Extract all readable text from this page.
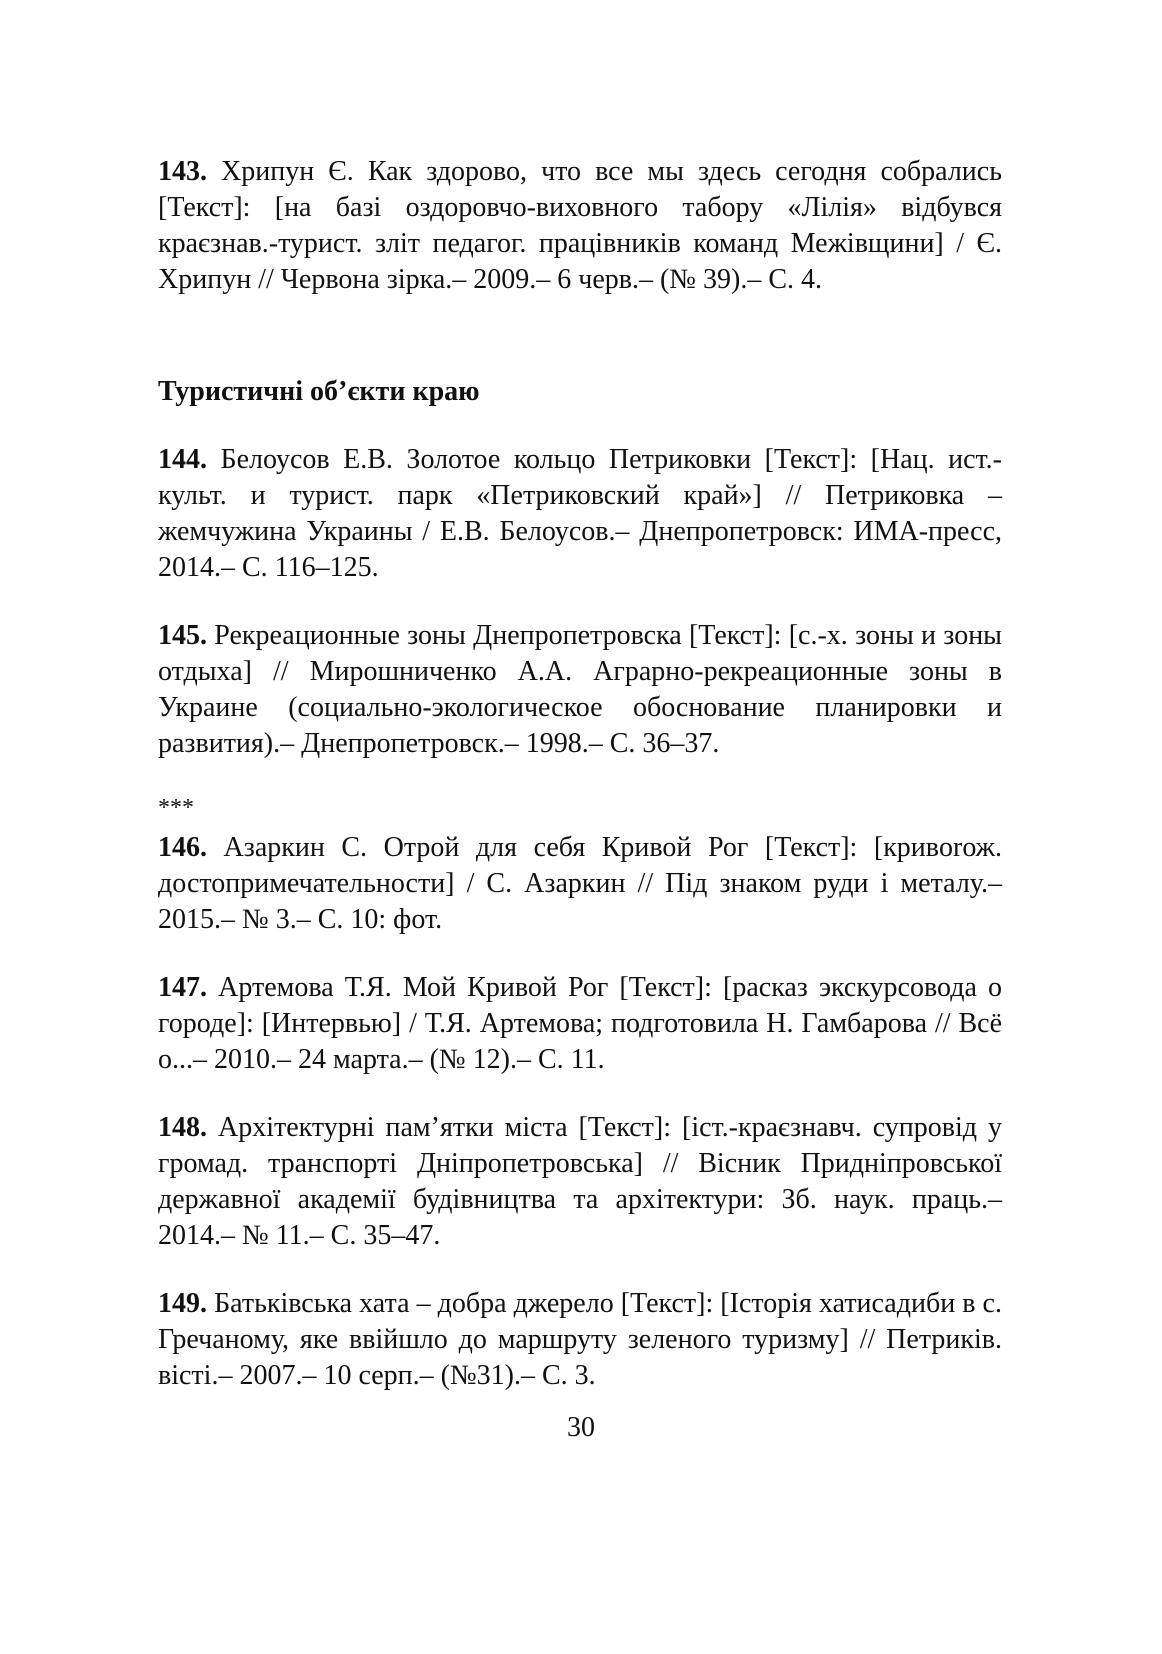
143. Хрипун Є. Как здорово, что все мы здесь сегодня собрались [Текст]: [на базі оздоровчо-виховного табору «Лілія» відбувся краєзнав.-турист. зліт педагог. працівників команд Межівщини] / Є. Хрипун // Червона зірка.– 2009.– 6 черв.– (№ 39).– С. 4.

Туристичні об’єкти краю

144. Белоусов Е.В. Золотое кольцо Петриковки [Текст]: [Нац. ист.-культ. и турист. парк «Петриковский край»] // Петриковка – жемчужина Украины / Е.В. Белоусов.– Днепропетровск: ИМА-пресс, 2014.– С. 116–125.

145. Рекреационные зоны Днепропетровска [Текст]: [с.-х. зоны и зоны отдыха] // Мирошниченко А.А. Аграрно-рекреационные зоны в Украине (социально-экологическое обоснование планировки и развития).– Днепропетровск.– 1998.– С. 36–37.

***

146. Азаркин С. Отрой для себя Кривой Рог [Текст]: [кривorож. достопримечательности] / С. Азаркин // Під знаком руди і металу.– 2015.– № 3.– С. 10: фот.

147. Артемова Т.Я. Мой Кривой Рог [Текст]: [расказ экскурсовода о городе]: [Интервью] / Т.Я. Артемова; подготовила Н. Гамбарова // Всё о...– 2010.– 24 марта.– (№ 12).– С. 11.

148. Архітектурні пам’ятки міста [Текст]: [іст.-краєзнавч. супровід у громад. транспорті Дніпропетровська] // Вісник Придніпровської державної академії будівництва та архітектури: Зб. наук. праць.– 2014.– № 11.– С. 35–47.

149. Батьківська хата – добра джерело [Текст]: [Історія хатисадиби в с. Гречаному, яке ввійшло до маршруту зеленого туризму] // Петриків. вісті.– 2007.– 10 серп.– (№31).– С. 3.

30
